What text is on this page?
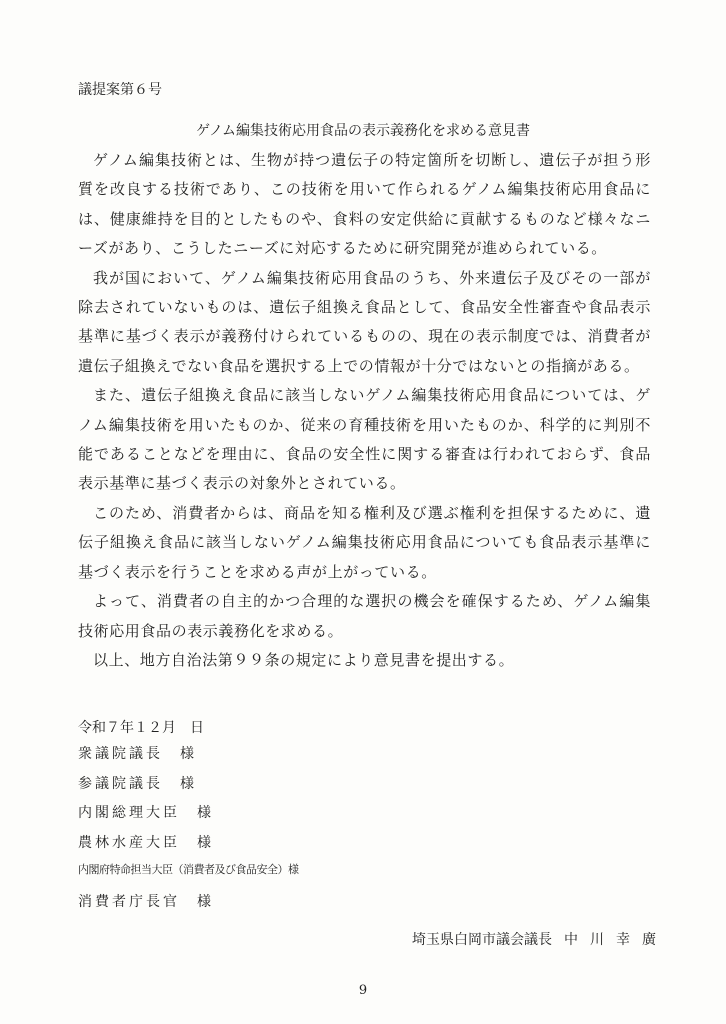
議提案第６号
ゲノム編集技術応用食品の表示義務化を求める意見書

ゲノム編集技術とは、生物が持つ遺伝子の特定箇所を切断し、遺伝子が担う形質を改良する技術であり、この技術を用いて作られるゲノム編集技術応用食品には、健康維持を目的としたものや、食料の安定供給に貢献するものなど様々なニーズがあり、こうしたニーズに対応するために研究開発が進められている。

我が国において、ゲノム編集技術応用食品のうち、外来遺伝子及びその一部が除去されていないものは、遺伝子組換え食品として、食品安全性審査や食品表示基準に基づく表示が義務付けられているものの、現在の表示制度では、消費者が遺伝子組換えでない食品を選択する上での情報が十分ではないとの指摘がある。

また、遺伝子組換え食品に該当しないゲノム編集技術応用食品については、ゲノム編集技術を用いたものか、従来の育種技術を用いたものか、科学的に判別不能であることなどを理由に、食品の安全性に関する審査は行われておらず、食品表示基準に基づく表示の対象外とされている。

このため、消費者からは、商品を知る権利及び選ぶ権利を担保するために、遺伝子組換え食品に該当しないゲノム編集技術応用食品についても食品表示基準に基づく表示を行うことを求める声が上がっている。

よって、消費者の自主的かつ合理的な選択の機会を確保するため、ゲノム編集技術応用食品の表示義務化を求める。

以上、地方自治法第９９条の規定により意見書を提出する。

令和７年１２月　日
衆議院議長　様
参議院議長　様
内閣総理大臣　様
農林水産大臣　様
内閣府特命担当大臣（消費者及び食品安全）様
消費者庁長官　様
埼玉県白岡市議会議長 中川幸廣
9
